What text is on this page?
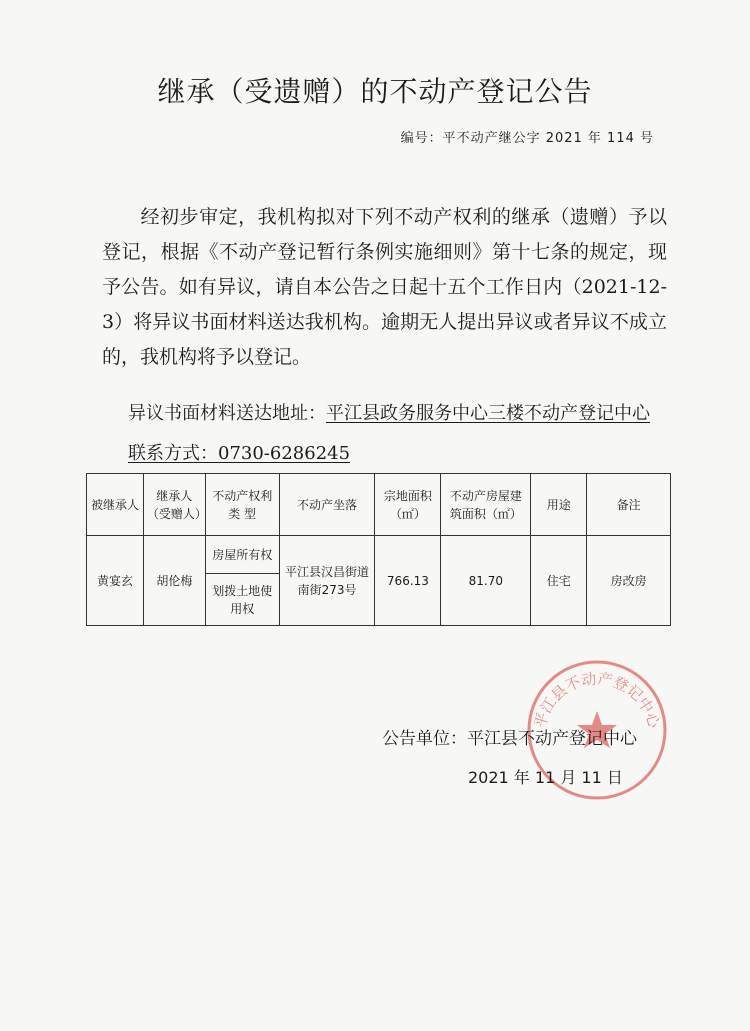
继承（受遗赠）的不动产登记公告
编号：平不动产继公字 2021 年 114 号
经初步审定，我机构拟对下列不动产权利的继承（遗赠）予以登记，根据《不动产登记暂行条例实施细则》第十七条的规定，现予公告。如有异议，请自本公告之日起十五个工作日内（2021-12-3）将异议书面材料送达我机构。逾期无人提出异议或者异议不成立的，我机构将予以登记。
异议书面材料送达地址：平江县政务服务中心三楼不动产登记中心
联系方式：0730-6286245
被继承人	继承人（受赠人）	不动产权利类 型	不动产坐落	宗地面积（㎡）	不动产房屋建筑面积（㎡）	用途	备注
黄宴玄	胡伦梅	房屋所有权	平江县汉昌街道南街273号	766.13	81.70	住宅	房改房
		划拨土地使用权					
平江县不动产登记中心
公告单位：平江县不动产登记中心
2021 年 11 月 11 日
